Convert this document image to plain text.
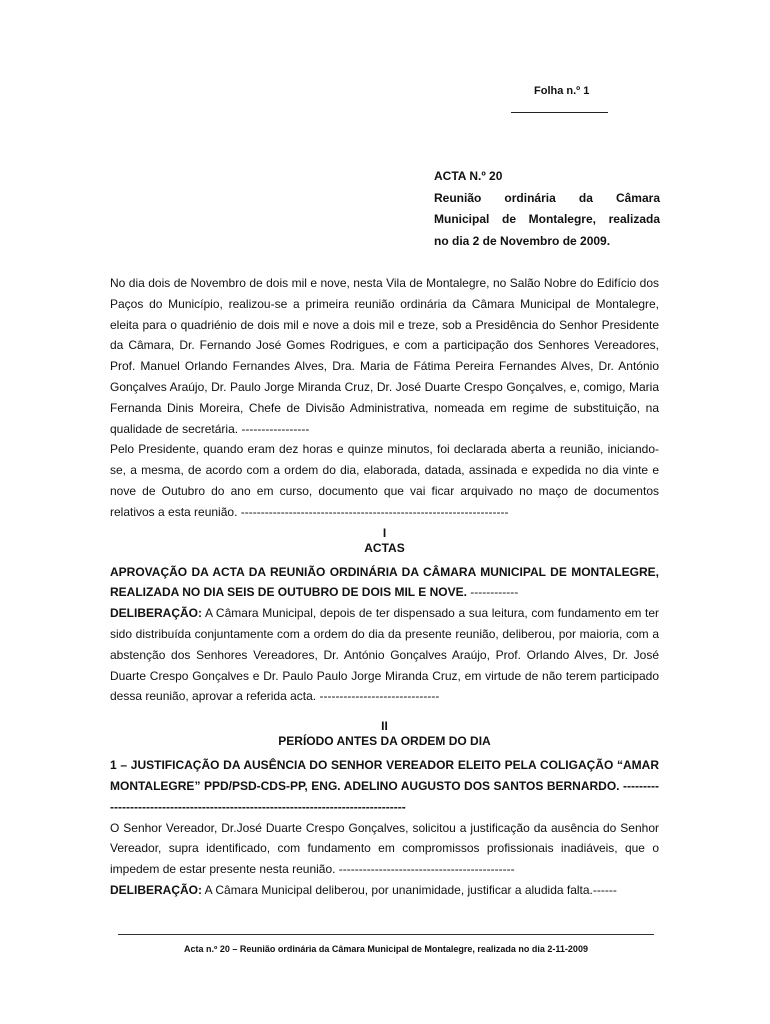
Folha n.º 1
ACTA N.º 20
Reunião ordinária da Câmara
Municipal de Montalegre, realizada
no dia 2 de Novembro de 2009.

No dia dois de Novembro de dois mil e nove, nesta Vila de Montalegre, no Salão Nobre do Edifício dos Paços do Município, realizou-se a primeira reunião ordinária da Câmara Municipal de Montalegre, eleita para o quadriénio de dois mil e nove a dois mil e treze, sob a Presidência do Senhor Presidente da Câmara, Dr. Fernando José Gomes Rodrigues, e com a participação dos Senhores Vereadores, Prof. Manuel Orlando Fernandes Alves, Dra. Maria de Fátima Pereira Fernandes Alves, Dr. António Gonçalves Araújo, Dr. Paulo Jorge Miranda Cruz, Dr. José Duarte Crespo Gonçalves, e, comigo, Maria Fernanda Dinis Moreira, Chefe de Divisão Administrativa, nomeada em regime de substituição, na qualidade de secretária. -----------------

Pelo Presidente, quando eram dez horas e quinze minutos, foi declarada aberta a reunião, iniciando-se, a mesma, de acordo com a ordem do dia, elaborada, datada, assinada e expedida no dia vinte e nove de Outubro do ano em curso, documento que vai ficar arquivado no maço de documentos relativos a esta reunião. -------------------------------------------------------------------

I
ACTAS

APROVAÇÃO DA ACTA DA REUNIÃO ORDINÁRIA DA CÂMARA MUNICIPAL DE MONTALEGRE, REALIZADA NO DIA SEIS DE OUTUBRO DE DOIS MIL E NOVE. ------------

DELIBERAÇÃO: A Câmara Municipal, depois de ter dispensado a sua leitura, com fundamento em ter sido distribuída conjuntamente com a ordem do dia da presente reunião, deliberou, por maioria, com a abstenção dos Senhores Vereadores, Dr. António Gonçalves Araújo, Prof. Orlando Alves, Dr. José Duarte Crespo Gonçalves e Dr. Paulo Paulo Jorge Miranda Cruz, em virtude de não terem participado dessa reunião, aprovar a referida acta. ------------------------------

II
PERÍODO ANTES DA ORDEM DO DIA

1 – JUSTIFICAÇÃO DA AUSÊNCIA DO SENHOR VEREADOR ELEITO PELA COLIGAÇÃO “AMAR MONTALEGRE” PPD/PSD-CDS-PP, ENG. ADELINO AUGUSTO DOS SANTOS BERNARDO. -----------------------------------------------------------------------------------

O Senhor Vereador, Dr.José Duarte Crespo Gonçalves, solicitou a justificação da ausência do Senhor Vereador, supra identificado, com fundamento em compromissos profissionais inadiáveis, que o impedem de estar presente nesta reunião. --------------------------------------------

DELIBERAÇÃO: A Câmara Municipal deliberou, por unanimidade, justificar a aludida falta.------

Acta n.º 20 – Reunião ordinária da Câmara Municipal de Montalegre, realizada no dia 2-11-2009
